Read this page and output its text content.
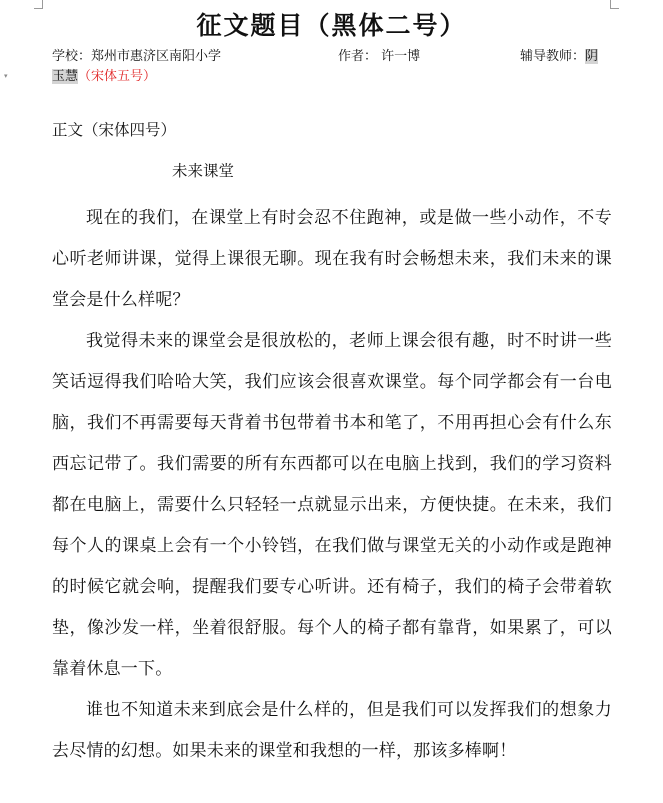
▾
征文题目（黑体二号）
学校：郑州市惠济区南阳小学	作者： 许一博	辅导教师：阴
玉慧（宋体五号）
正文（宋体四号）
未来课堂

现在的我们，在课堂上有时会忍不住跑神，或是做一些小动作，不专心听老师讲课，觉得上课很无聊。现在我有时会畅想未来，我们未来的课堂会是什么样呢？

我觉得未来的课堂会是很放松的，老师上课会很有趣，时不时讲一些笑话逗得我们哈哈大笑，我们应该会很喜欢课堂。每个同学都会有一台电脑，我们不再需要每天背着书包带着书本和笔了，不用再担心会有什么东西忘记带了。我们需要的所有东西都可以在电脑上找到，我们的学习资料都在电脑上，需要什么只轻轻一点就显示出来，方便快捷。在未来，我们每个人的课桌上会有一个小铃铛，在我们做与课堂无关的小动作或是跑神的时候它就会响，提醒我们要专心听讲。还有椅子，我们的椅子会带着软垫，像沙发一样，坐着很舒服。每个人的椅子都有靠背，如果累了，可以靠着休息一下。

谁也不知道未来到底会是什么样的，但是我们可以发挥我们的想象力去尽情的幻想。如果未来的课堂和我想的一样，那该多棒啊！
